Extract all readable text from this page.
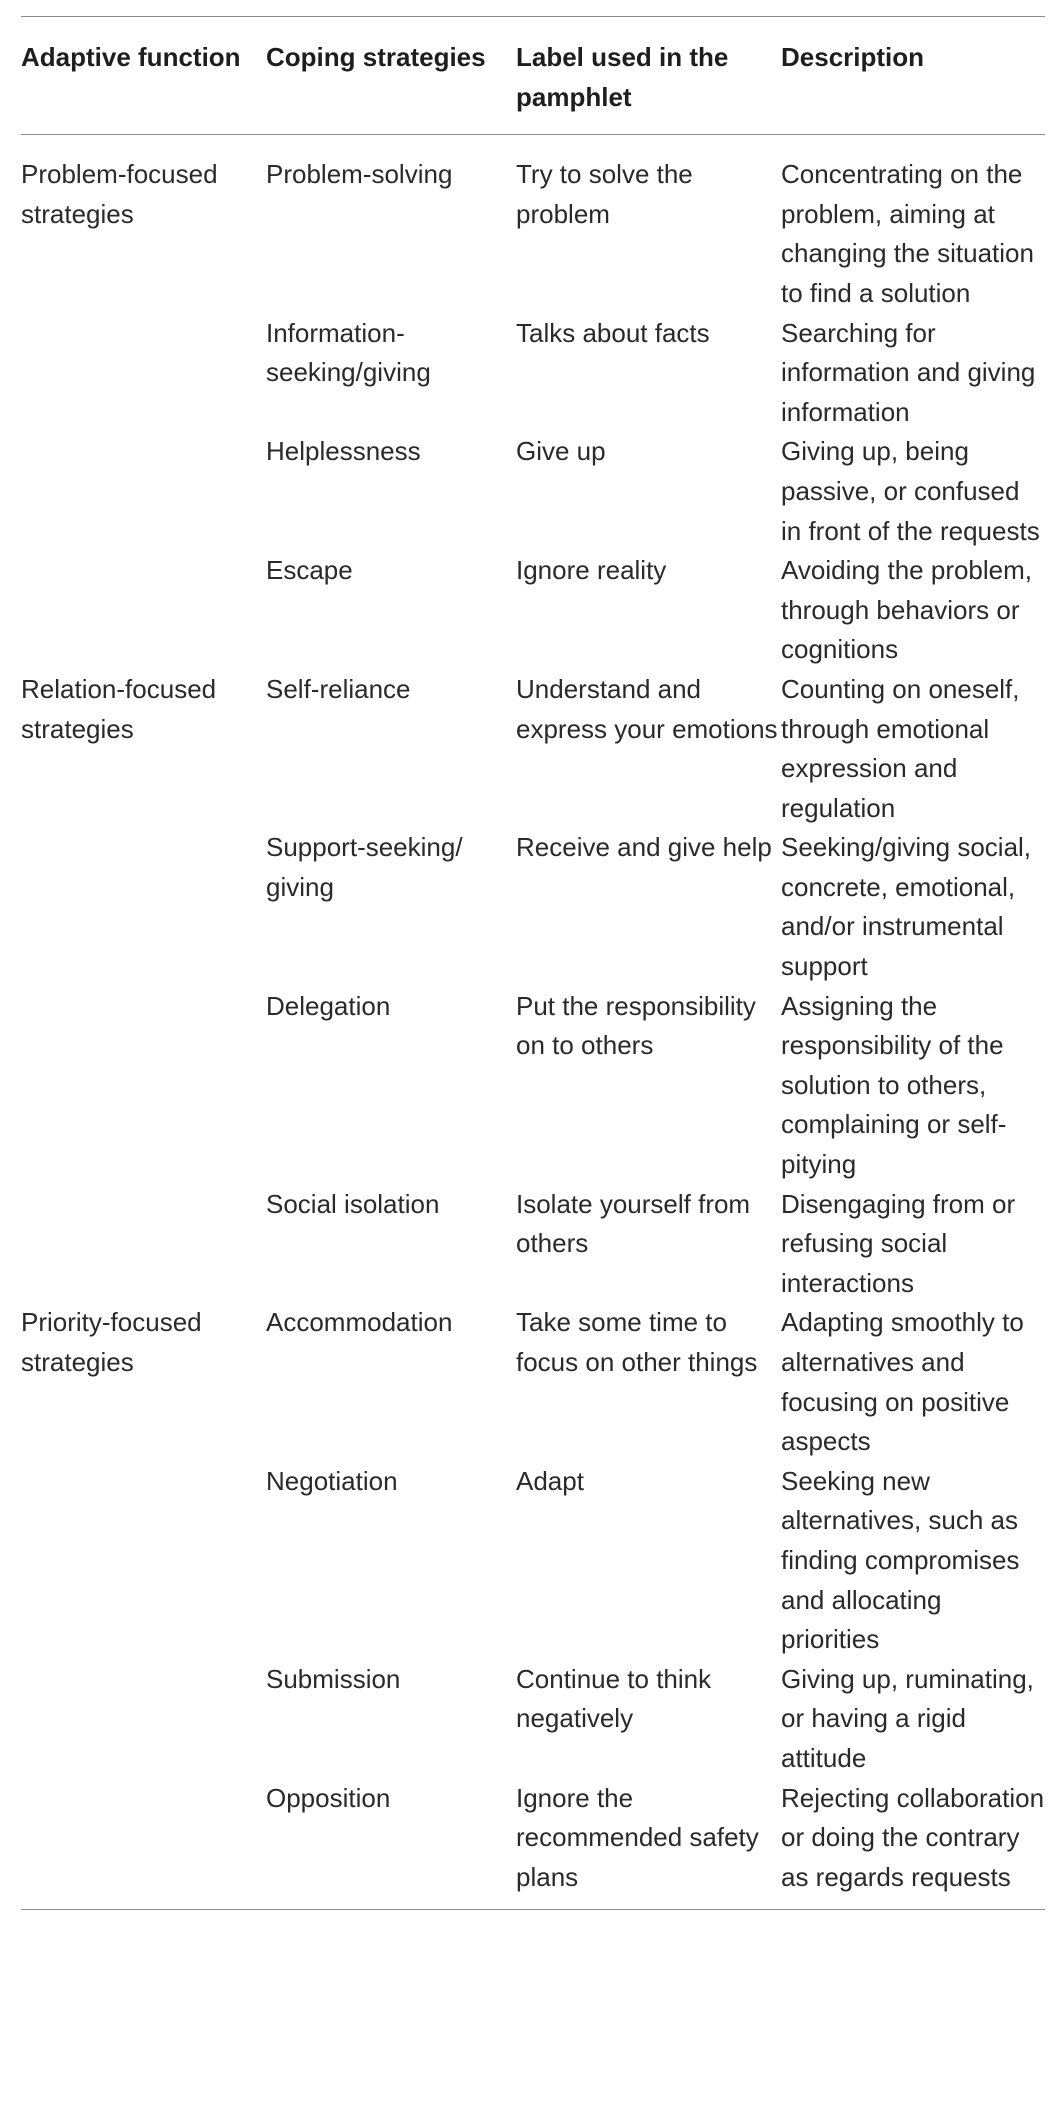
Adaptive function	Coping strategies	Label used in the pamphlet	Description
Problem-focused strategies	Problem-solving	Try to solve the problem	Concentrating on the problem, aiming at changing the situation to find a solution
	Information-seeking/giving	Talks about facts	Searching for information and giving information
	Helplessness	Give up	Giving up, being passive, or confused in front of the requests
	Escape	Ignore reality	Avoiding the problem, through behaviors or cognitions
Relation-focused strategies	Self-reliance	Understand and express your emotions	Counting on oneself, through emotional expression and regulation
	Support-seeking/ giving	Receive and give help	Seeking/giving social, concrete, emotional, and/or instrumental support
	Delegation	Put the responsibility on to others	Assigning the responsibility of the solution to others, complaining or self-pitying
	Social isolation	Isolate yourself from others	Disengaging from or refusing social interactions
Priority-focused strategies	Accommodation	Take some time to focus on other things	Adapting smoothly to alternatives and focusing on positive aspects
	Negotiation	Adapt	Seeking new alternatives, such as finding compromises and allocating priorities
	Submission	Continue to think negatively	Giving up, ruminating, or having a rigid attitude
	Opposition	Ignore the recommended safety plans	Rejecting collaboration or doing the contrary as regards requests
